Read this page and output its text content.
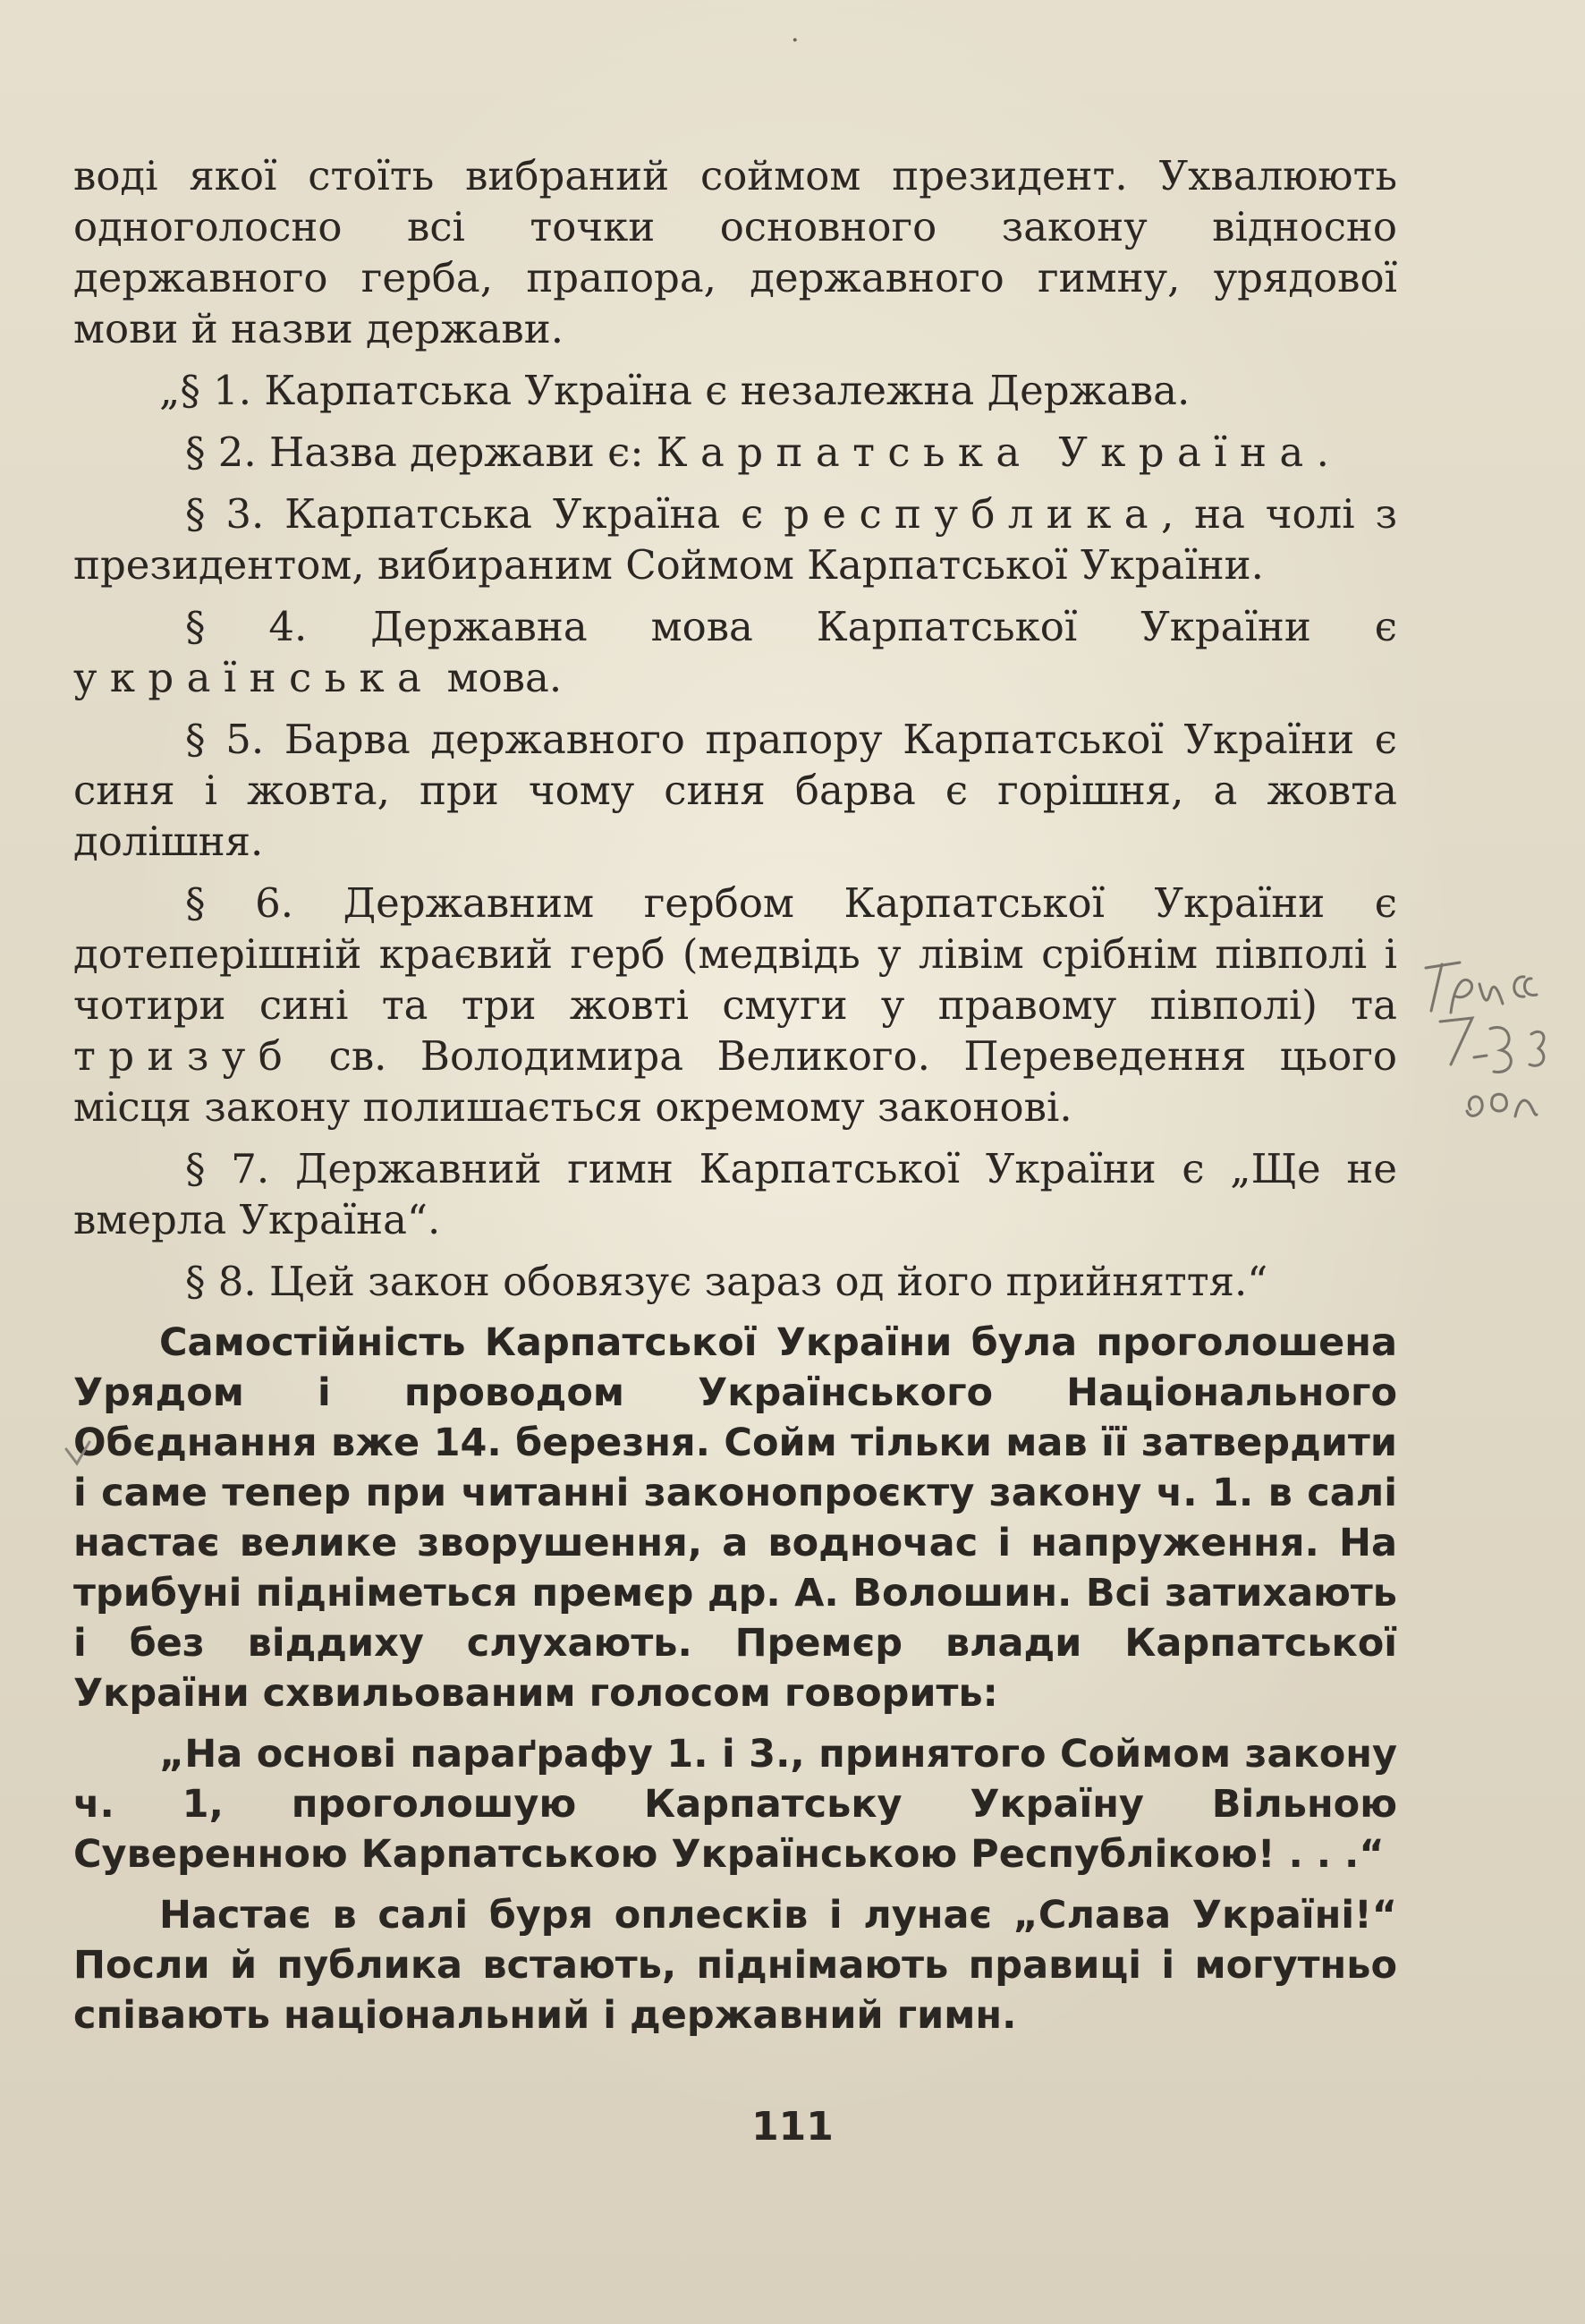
·

воді якої стоїть вибраний соймом президент. Ухвалюють одноголосно всі точки основного закону відносно державного герба, прапора, державного гимну, урядової мови й назви держави.

„§ 1. Карпатська Україна є незалежна Держава.

§ 2. Назва держави є: Карпатська Україна.

§ 3. Карпатська Україна є республика, на чолі з президентом, вибираним Соймом Карпатської України.

§ 4. Державна мова Карпатської України є українська мова.

§ 5. Барва державного прапору Карпатської України є синя і жовта, при чому синя барва є горішня, а жовта долішня.

§ 6. Державним гербом Карпатської України є дотеперішній краєвий герб (медвідь у лівім срібнім півполі і чотири сині та три жовті смуги у правому півполі) та тризуб св. Володимира Великого. Переведення цього місця закону полишається окремому законові.

§ 7. Державний гимн Карпатської України є „Ще не вмерла Україна“.

§ 8. Цей закон обовязує зараз од його прийняття.“

Самостійність Карпатської України була проголошена Урядом і проводом Українського Національного Обєднання вже 14. березня. Сойм тільки мав її затвердити і саме тепер при читанні законопроєкту закону ч. 1. в салі настає велике зворушення, а водночас і напруження. На трибуні підніметься премєр др. А. Волошин. Всі затихають і без віддиху слухають. Премєр влади Карпатської України схвильованим голосом говорить:

„На основі параґрафу 1. і 3., принятого Соймом закону ч. 1, проголошую Карпатську Україну Вільною Суверенною Карпатською Українською Республікою! . . .“

Настає в салі буря оплесків і лунає „Слава Україні!“ Посли й публика встають, піднімають правиці і могутньо співають національний і державний гимн.

111
